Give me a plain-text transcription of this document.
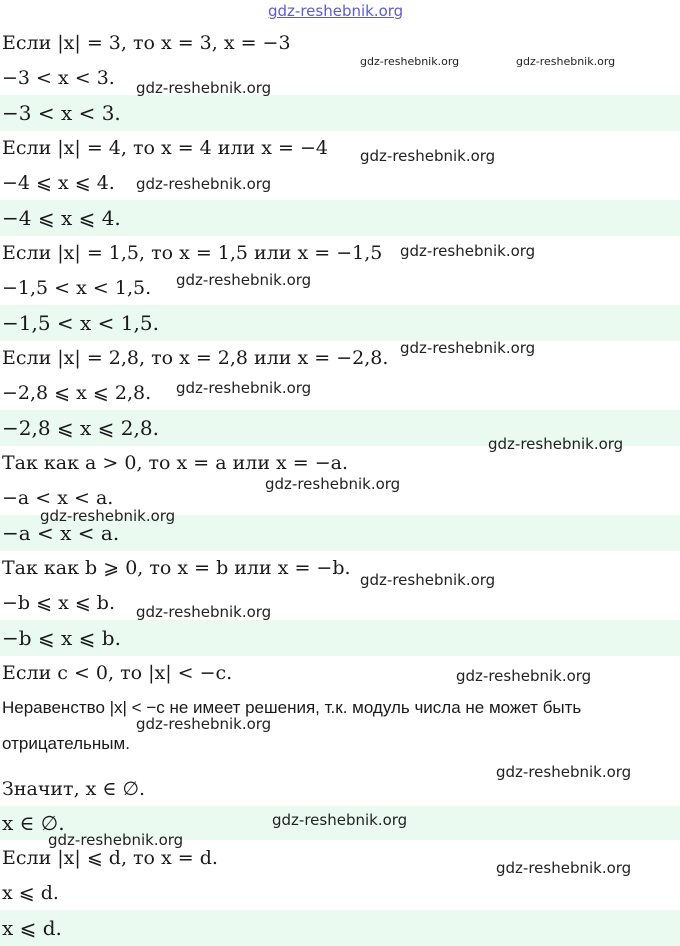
Если |x| = 3, то x = 3, x = −3
−3 < x < 3.
−3 < x < 3.
Если |x| = 4, то x = 4 или x = −4
−4 ⩽ x ⩽ 4.
−4 ⩽ x ⩽ 4.
Если |x| = 1,5, то x = 1,5 или x = −1,5
−1,5 < x < 1,5.
−1,5 < x < 1,5.
Если |x| = 2,8, то x = 2,8 или x = −2,8.
−2,8 ⩽ x ⩽ 2,8.
−2,8 ⩽ x ⩽ 2,8.
Так как a > 0, то x = a или x = −a.
−a < x < a.
−a < x < a.
Так как b ⩾ 0, то x = b или x = −b.
−b ⩽ x ⩽ b.
−b ⩽ x ⩽ b.
Если c < 0, то |x| < −c.
Неравенство |x| < −c не имеет решения, т.к. модуль числа не может быть отрицательным.
Значит, x ∈ ∅.
x ∈ ∅.
Если |x| ⩽ d, то x = d.
x ⩽ d.
x ⩽ d.
gdz-reshebnik.org
gdz-reshebnik.org	gdz-reshebnik.org
gdz-reshebnik.org
gdz-reshebnik.org
gdz-reshebnik.org
gdz-reshebnik.org
gdz-reshebnik.org
gdz-reshebnik.org
gdz-reshebnik.org
gdz-reshebnik.org
gdz-reshebnik.org
gdz-reshebnik.org
gdz-reshebnik.org
gdz-reshebnik.org
gdz-reshebnik.org
gdz-reshebnik.org
gdz-reshebnik.org
gdz-reshebnik.org
gdz-reshebnik.org
gdz-reshebnik.org
